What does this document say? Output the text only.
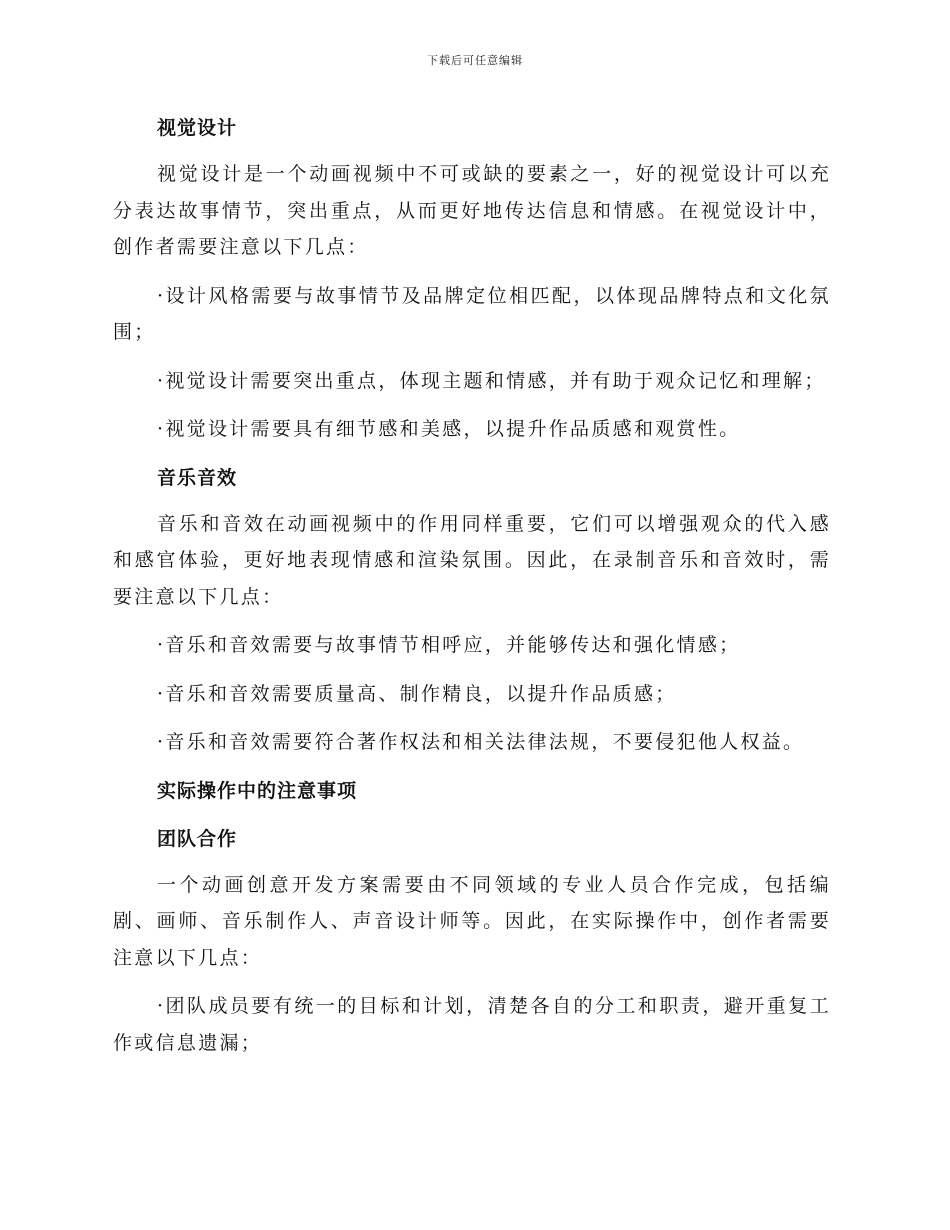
下载后可任意编辑
视觉设计

视觉设计是一个动画视频中不可或缺的要素之一，好的视觉设计可以充分表达故事情节，突出重点，从而更好地传达信息和情感。在视觉设计中，创作者需要注意以下几点：

·设计风格需要与故事情节及品牌定位相匹配，以体现品牌特点和文化氛围；

·视觉设计需要突出重点，体现主题和情感，并有助于观众记忆和理解；

·视觉设计需要具有细节感和美感，以提升作品质感和观赏性。

音乐音效

音乐和音效在动画视频中的作用同样重要，它们可以增强观众的代入感和感官体验，更好地表现情感和渲染氛围。因此，在录制音乐和音效时，需要注意以下几点：

·音乐和音效需要与故事情节相呼应，并能够传达和强化情感；

·音乐和音效需要质量高、制作精良，以提升作品质感；

·音乐和音效需要符合著作权法和相关法律法规，不要侵犯他人权益。

实际操作中的注意事项
团队合作

一个动画创意开发方案需要由不同领域的专业人员合作完成，包括编剧、画师、音乐制作人、声音设计师等。因此，在实际操作中，创作者需要注意以下几点：

·团队成员要有统一的目标和计划，清楚各自的分工和职责，避开重复工作或信息遗漏；
